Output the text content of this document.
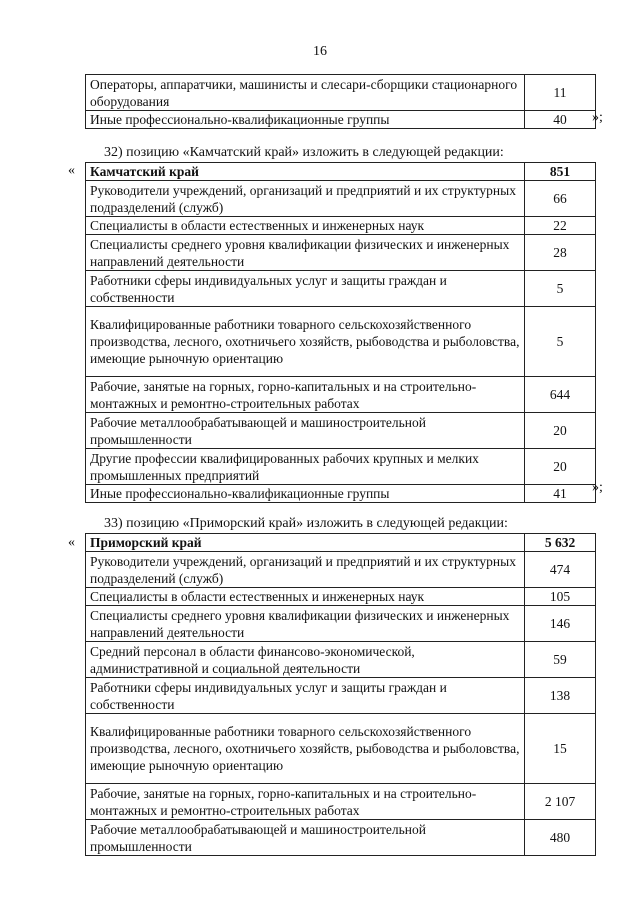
16
Операторы, аппаратчики, машинисты и слесари-сборщики стационарного оборудования	11
Иные профессионально-квалификационные группы	40 »;
32) позицию «Камчатский край» изложить в следующей редакции:
« Камчатский край	851
Руководители учреждений, организаций и предприятий и их структурных подразделений (служб)	66
Специалисты в области естественных и инженерных наук	22
Специалисты среднего уровня квалификации физических и инженерных направлений деятельности	28
Работники сферы индивидуальных услуг и защиты граждан и собственности	5
Квалифицированные работники товарного сельскохозяйственного производства, лесного, охотничьего хозяйств, рыбоводства и рыболовства, имеющие рыночную ориентацию	5
Рабочие, занятые на горных, горно-капитальных и на строительно-монтажных и ремонтно-строительных работах	644
Рабочие металлообрабатывающей и машиностроительной промышленности	20
Другие профессии квалифицированных рабочих крупных и мелких промышленных предприятий	20
Иные профессионально-квалификационные группы	41 »;
33) позицию «Приморский край» изложить в следующей редакции:
« Приморский край	5 632
Руководители учреждений, организаций и предприятий и их структурных подразделений (служб)	474
Специалисты в области естественных и инженерных наук	105
Специалисты среднего уровня квалификации физических и инженерных направлений деятельности	146
Средний персонал в области финансово-экономической, административной и социальной деятельности	59
Работники сферы индивидуальных услуг и защиты граждан и собственности	138
Квалифицированные работники товарного сельскохозяйственного производства, лесного, охотничьего хозяйств, рыбоводства и рыболовства, имеющие рыночную ориентацию	15
Рабочие, занятые на горных, горно-капитальных и на строительно-монтажных и ремонтно-строительных работах	2 107
Рабочие металлообрабатывающей и машиностроительной промышленности	480
